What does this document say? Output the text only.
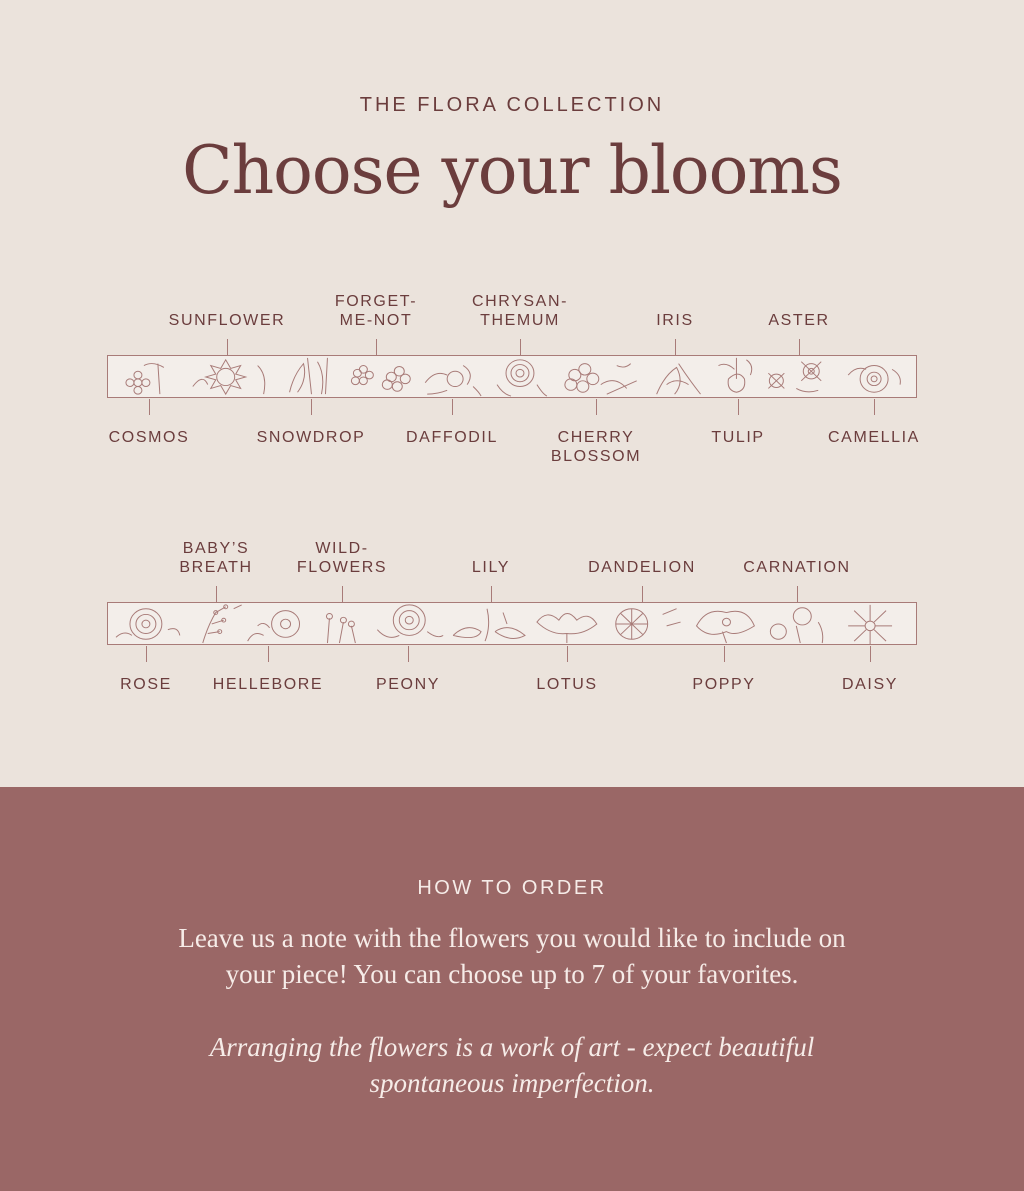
THE FLORA COLLECTION
Choose your blooms
SUNFLOWER
FORGET-
ME-NOT
CHRYSAN-
THEMUM	IRIS	ASTER
COSMOS	SNOWDROP	DAFFODIL	CHERRY
BLOSSOM
TULIP	CAMELLIA
BABY’S
BREATH
WILD-
FLOWERS	LILY	DANDELION	CARNATION
ROSE	HELLEBORE	PEONY	LOTUS	POPPY	DAISY
HOW TO ORDER
Leave us a note with the flowers you would like to include on
your piece! You can choose up to 7 of your favorites.
Arranging the flowers is a work of art - expect beautiful
spontaneous imperfection.
